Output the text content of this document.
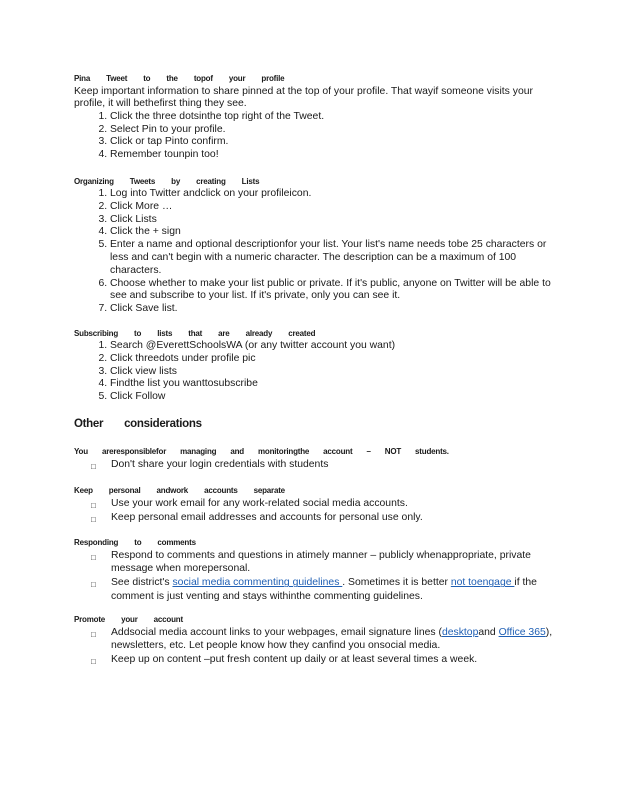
Pina Tweet to the topof your profile

Keep important information to share pinned at the top of your profile. That wayif someone visits your profile, it will bethefirst thing they see.

1. Click the three dotsinthe top right of the Tweet.
2. Select Pin to your profile.
3. Click or tap Pinto confirm.
4. Remember tounpin too!
Organizing Tweets by creating Lists
1. Log into Twitter andclick on your profileicon.
2. Click More …
3. Click Lists
4. Click the + sign
5. Enter a name and optional descriptionfor your list. Your list's name needs tobe 25 characters or less and can't begin with a numeric character. The description can be a maximum of 100 characters.
6. Choose whether to make your list public or private. If it's public, anyone on Twitter will be able to see and subscribe to your list. If it's private, only you can see it.
7. Click Save list.
Subscribing to lists that are already created
1. Search @EverettSchoolsWA (or any twitter account you want)
2. Click threedots under profile pic
3. Click view lists
4. Findthe list you wanttosubscribe
5. Click Follow
Other considerations
You areresponsiblefor managing and monitoringthe account – NOT students.
□ Don't share your login credentials with students
Keep personal andwork accounts separate
□ Use your work email for any work-related social media accounts.
□ Keep personal email addresses and accounts for personal use only.
Responding to comments
□ Respond to comments and questions in atimely manner – publicly whenappropriate, private message when morepersonal.
□ See district's social media commenting guidelines . Sometimes it is better not toengage if the comment is just venting and stays withinthe commenting guidelines.
Promote your account
□ Addsocial media account links to your webpages, email signature lines (desktopand Office 365), newsletters, etc. Let people know how they canfind you onsocial media.
□ Keep up on content –put fresh content up daily or at least several times a week.
